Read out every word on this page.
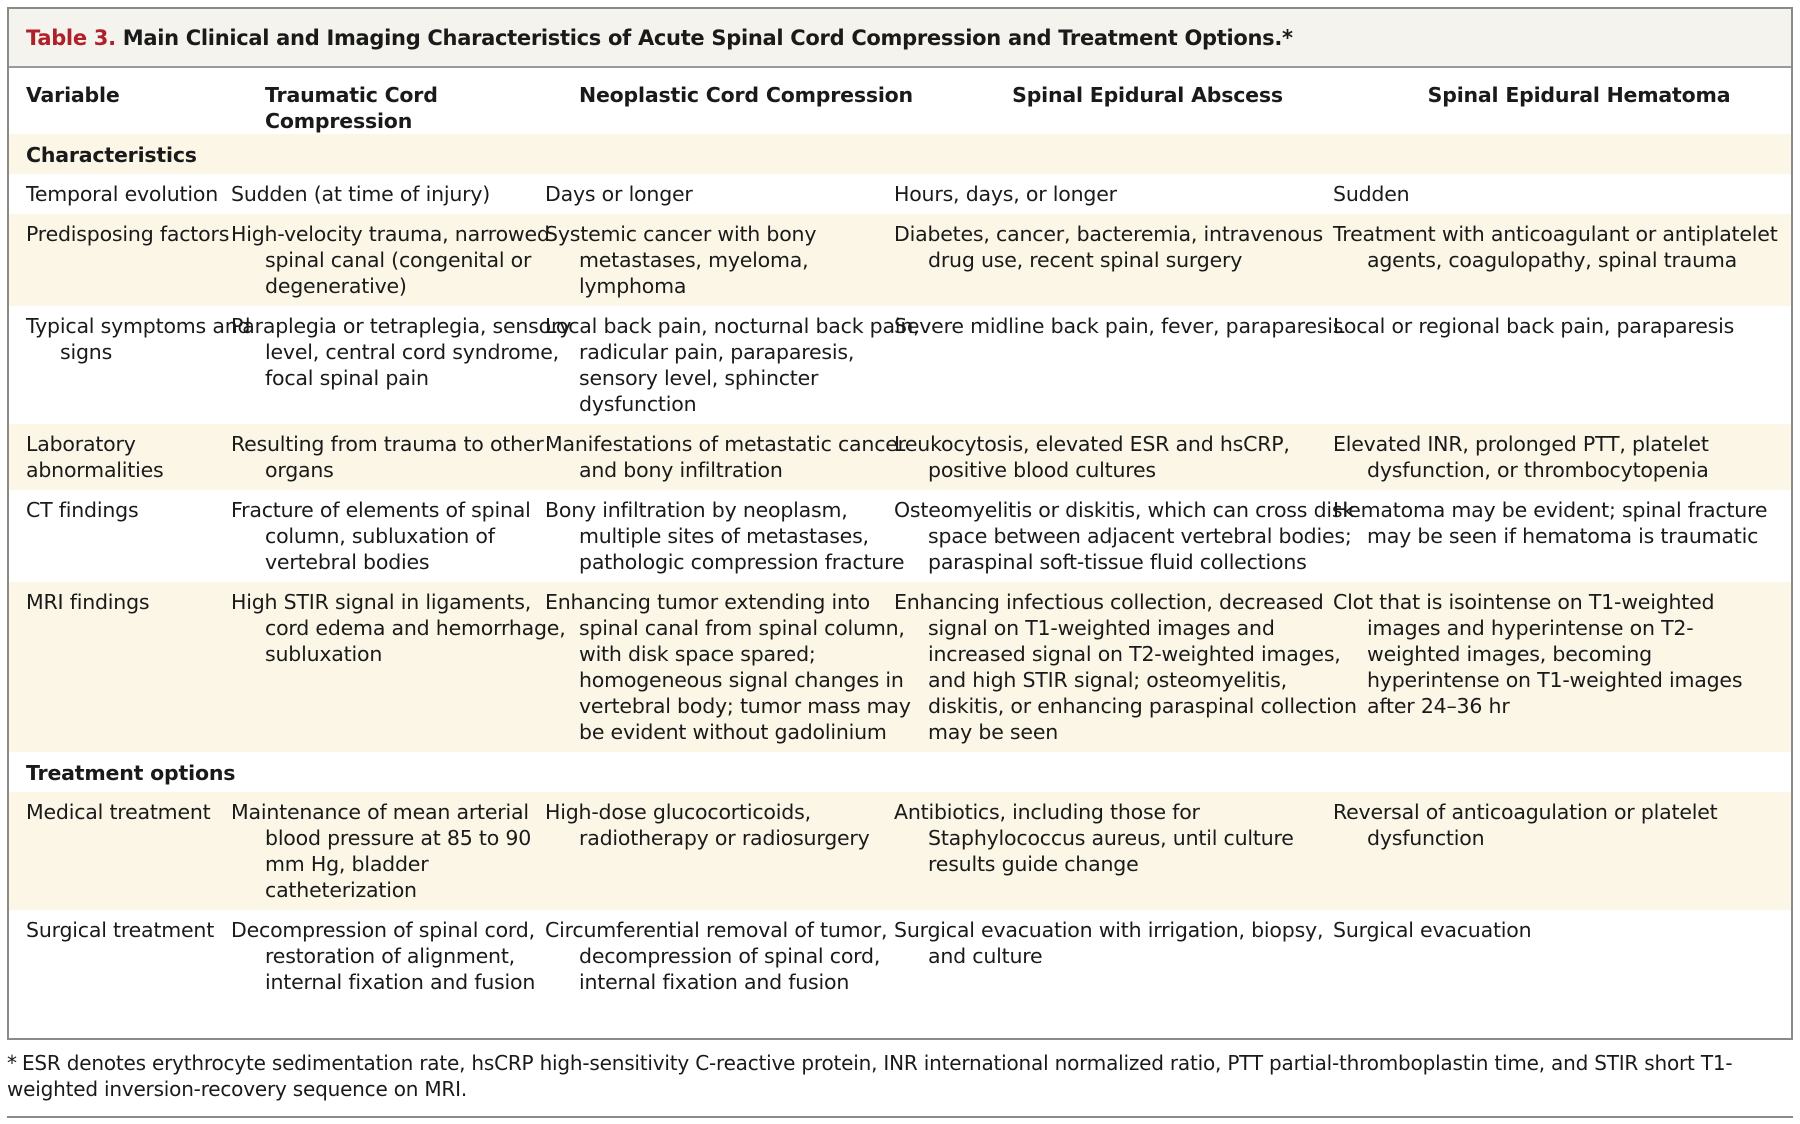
Table 3. Main Clinical and Imaging Characteristics of Acute Spinal Cord Compression and Treatment Options.*
Variable	Traumatic Cord Compression	Neoplastic Cord Compression	Spinal Epidural Abscess	Spinal Epidural Hematoma
Characteristics				
Temporal evolution	Sudden (at time of injury)	Days or longer	Hours, days, or longer	Sudden
Predisposing factors	High-velocity trauma, narrowed spinal canal (congenital or degenerative)	Systemic cancer with bony metastases, myeloma, lymphoma	Diabetes, cancer, bacteremia, intravenous drug use, recent spinal surgery	Treatment with anticoagulant or antiplatelet agents, coagulopathy, spinal trauma
Typical symptoms and signs	Paraplegia or tetraplegia, sensory level, central cord syndrome, focal spinal pain	Local back pain, nocturnal back pain, radicular pain, paraparesis, sensory level, sphincter dysfunction	Severe midline back pain, fever, paraparesis	Local or regional back pain, paraparesis
Laboratory abnormalities	Resulting from trauma to other organs	Manifestations of metastatic cancer and bony infiltration	Leukocytosis, elevated ESR and hsCRP, positive blood cultures	Elevated INR, prolonged PTT, platelet dysfunction, or thrombocytopenia
CT findings	Fracture of elements of spinal column, subluxation of vertebral bodies	Bony infiltration by neoplasm, multiple sites of metastases, pathologic compression fracture	Osteomyelitis or diskitis, which can cross disk space between adjacent vertebral bodies; paraspinal soft-tissue fluid collections	Hematoma may be evident; spinal fracture may be seen if hematoma is traumatic
MRI findings	High STIR signal in ligaments, cord edema and hemorrhage, subluxation	Enhancing tumor extending into spinal canal from spinal column, with disk space spared; homogeneous signal changes in vertebral body; tumor mass may be evident without gadolinium	Enhancing infectious collection, decreased signal on T1-weighted images and increased signal on T2-weighted images, and high STIR signal; osteomyelitis, diskitis, or enhancing paraspinal collection may be seen	Clot that is isointense on T1-weighted images and hyperintense on T2-weighted images, becoming hyperintense on T1-weighted images after 24–36 hr
Treatment options				
Medical treatment	Maintenance of mean arterial blood pressure at 85 to 90 mm Hg, bladder catheterization	High-dose glucocorticoids, radiotherapy or radiosurgery	Antibiotics, including those for Staphylococcus aureus, until culture results guide change	Reversal of anticoagulation or platelet dysfunction
Surgical treatment	Decompression of spinal cord, restoration of alignment, internal fixation and fusion	Circumferential removal of tumor, decompression of spinal cord, internal fixation and fusion	Surgical evacuation with irrigation, biopsy, and culture	Surgical evacuation
* ESR denotes erythrocyte sedimentation rate, hsCRP high-sensitivity C-reactive protein, INR international normalized ratio, PTT partial-thromboplastin time, and STIR short T1-weighted inversion-recovery sequence on MRI.
